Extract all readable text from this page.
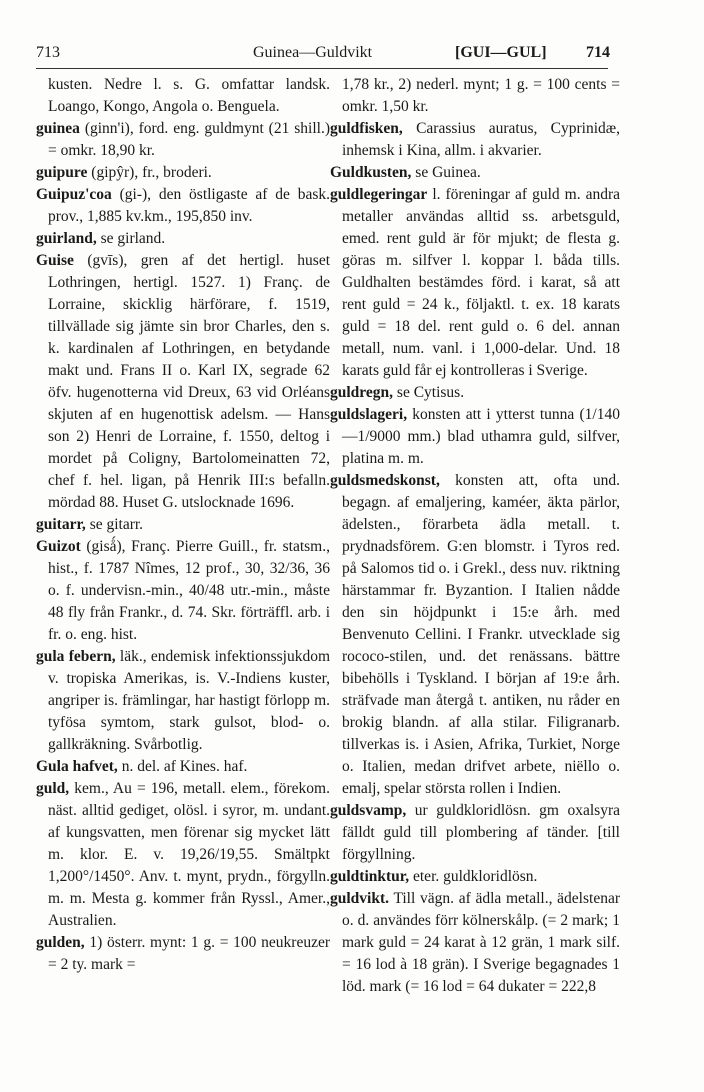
713	Guinea—Guldvikt	[GUI—GUL] 714
kusten. Nedre l. s. G. omfattar landsk. Loango, Kongo, Angola o. Benguela.
guinea (ginn'i), ford. eng. guldmynt (21 shill.) = omkr. 18,90 kr.
guipure (gipŷr), fr., broderi.
Guipuz'coa (gi-), den östligaste af de bask. prov., 1,885 kv.km., 195,850 inv.
guirland, se girland.
Guise (gvīs), gren af det hertigl. huset Lothringen, hertigl. 1527. 1) Franç. de Lorraine, skicklig härförare, f. 1519, tillvällade sig jämte sin bror Charles, den s. k. kardinalen af Lothringen, en betydande makt und. Frans II o. Karl IX, segrade 62 öfv. hugenotterna vid Dreux, 63 vid Orléans skjuten af en hugenottisk adelsm. — Hans son 2) Henri de Lorraine, f. 1550, deltog i mordet på Coligny, Bartolomeinatten 72, chef f. hel. ligan, på Henrik III:s befalln. mördad 88. Huset G. utslocknade 1696.
guitarr, se gitarr.
Guizot (gisǻ), Franç. Pierre Guill., fr. statsm., hist., f. 1787 Nîmes, 12 prof., 30, 32/36, 36 o. f. undervisn.-min., 40/48 utr.-min., måste 48 fly från Frankr., d. 74. Skr. förträffl. arb. i fr. o. eng. hist.
gula febern, läk., endemisk infektionssjukdom v. tropiska Amerikas, is. V.-Indiens kuster, angriper is. främlingar, har hastigt förlopp m. tyfösa symtom, stark gulsot, blod- o. gallkräkning. Svårbotlig.
Gula hafvet, n. del. af Kines. haf.
guld, kem., Au = 196, metall. elem., förekom. näst. alltid gediget, olösl. i syror, m. undant. af kungsvatten, men förenar sig mycket lätt m. klor. E. v. 19,26/19,55. Smältpkt 1,200°/1450°. Anv. t. mynt, prydn., förgylln. m. m. Mesta g. kommer från Ryssl., Amer., Australien.
gulden, 1) österr. mynt: 1 g. = 100 neukreuzer = 2 ty. mark =
1,78 kr., 2) nederl. mynt; 1 g. = 100 cents = omkr. 1,50 kr.
guldfisken, Carassius auratus, Cyprinidæ, inhemsk i Kina, allm. i akvarier.
Guldkusten, se Guinea.
guldlegeringar l. föreningar af guld m. andra metaller användas alltid ss. arbetsguld, emed. rent guld är för mjukt; de flesta g. göras m. silfver l. koppar l. båda tills. Guldhalten bestämdes förd. i karat, så att rent guld = 24 k., följaktl. t. ex. 18 karats guld = 18 del. rent guld o. 6 del. annan metall, num. vanl. i 1,000-delar. Und. 18 karats guld får ej kontrolleras i Sverige.
guldregn, se Cytisus.
guldslageri, konsten att i ytterst tunna (1/140—1/9000 mm.) blad uthamra guld, silfver, platina m. m.
guldsmedskonst, konsten att, ofta und. begagn. af emaljering, kaméer, äkta pärlor, ädelsten., förarbeta ädla metall. t. prydnadsförem. G:en blomstr. i Tyros red. på Salomos tid o. i Grekl., dess nuv. riktning härstammar fr. Byzantion. I Italien nådde den sin höjdpunkt i 15:e årh. med Benvenuto Cellini. I Frankr. utvecklade sig rococo-stilen, und. det renässans. bättre bibehölls i Tyskland. I början af 19:e årh. sträfvade man återgå t. antiken, nu råder en brokig blandn. af alla stilar. Filigranarb. tillverkas is. i Asien, Afrika, Turkiet, Norge o. Italien, medan drifvet arbete, niëllo o. emalj, spelar största rollen i Indien.
guldsvamp, ur guldkloridlösn. gm oxalsyra fälldt guld till plombering af tänder. [till förgyllning.
guldtinktur, eter. guldkloridlösn.
guldvikt. Till vägn. af ädla metall., ädelstenar o. d. användes förr kölnerskålp. (= 2 mark; 1 mark guld = 24 karat à 12 grän, 1 mark silf. = 16 lod à 18 grän). I Sverige begagnades 1 löd. mark (= 16 lod = 64 dukater = 222,8
